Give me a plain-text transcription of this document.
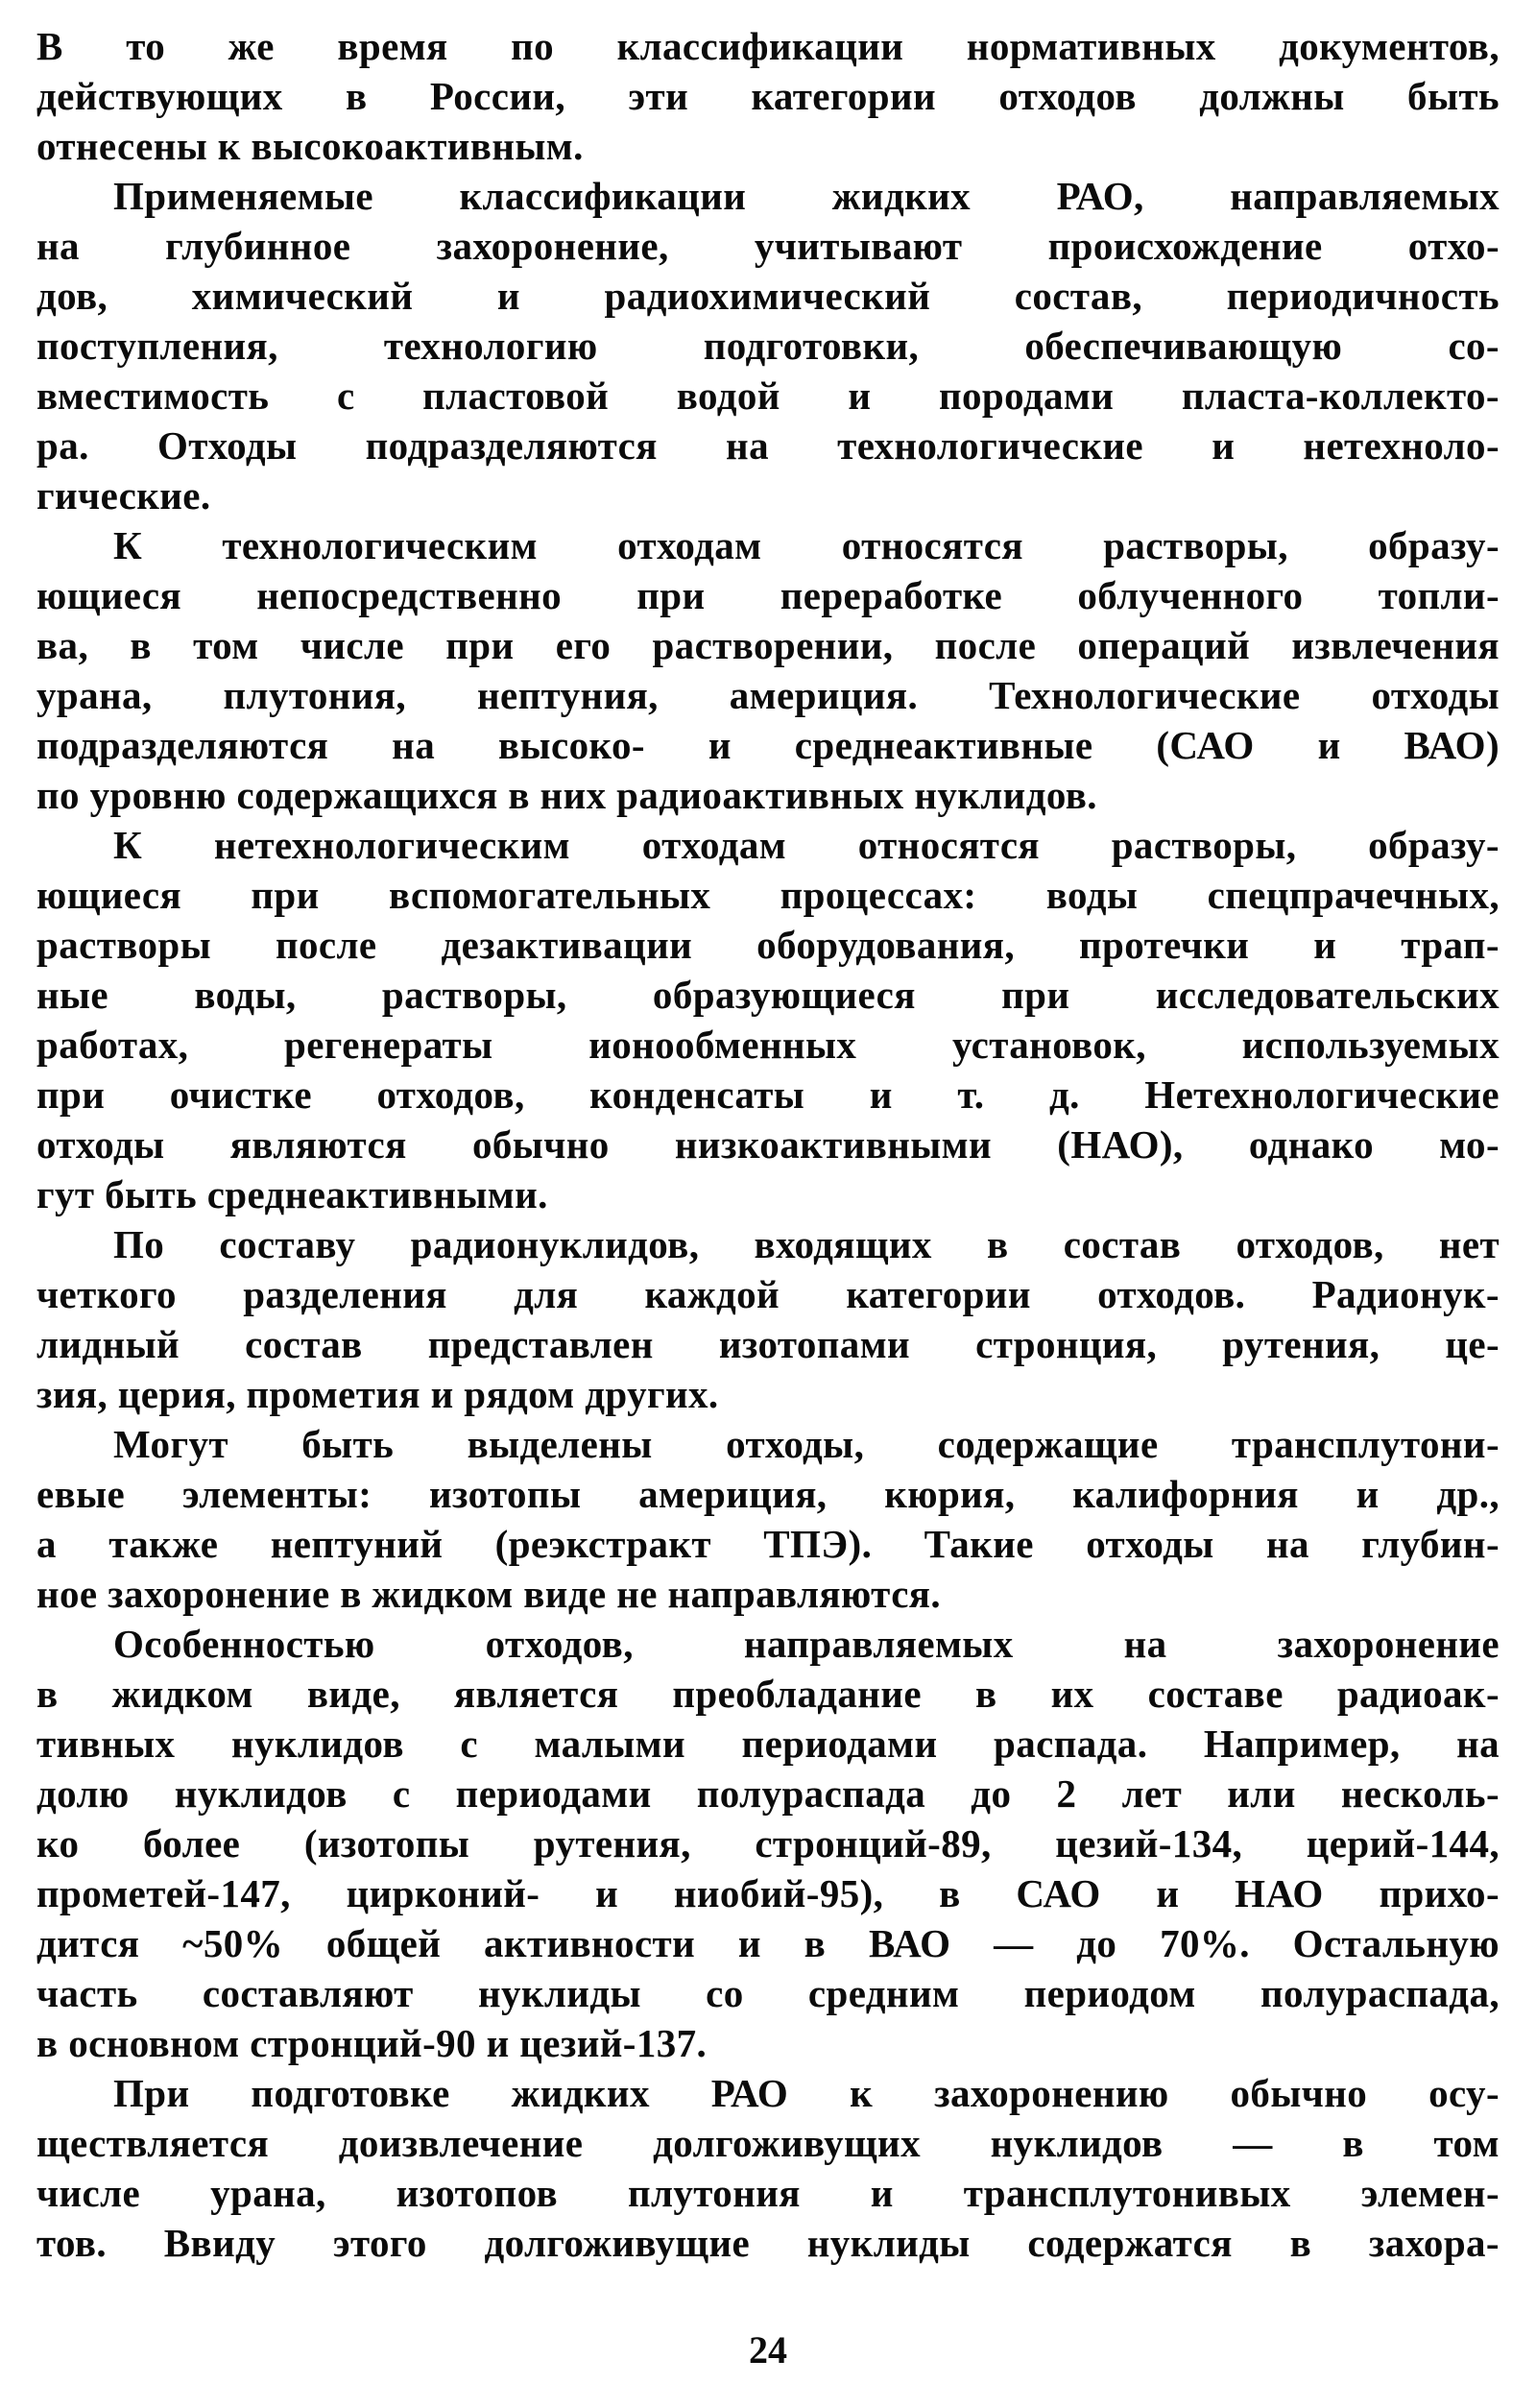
В то же время по классификации нормативных документов,
действующих в России, эти категории отходов должны быть
отнесены к высокоактивным.
Применяемые классификации жидких РАО, направляемых
на глубинное захоронение, учитывают происхождение отхо-
дов, химический и радиохимический состав, периодичность
поступления, технологию подготовки, обеспечивающую со-
вместимость с пластовой водой и породами пласта-коллекто-
ра. Отходы подразделяются на технологические и нетехноло-
гические.
К технологическим отходам относятся растворы, образу-
ющиеся непосредственно при переработке облученного топли-
ва, в том числе при его растворении, после операций извлечения
урана, плутония, нептуния, америция. Технологические отходы
подразделяются на высоко- и среднеактивные (САО и ВАО)
по уровню содержащихся в них радиоактивных нуклидов.
К нетехнологическим отходам относятся растворы, образу-
ющиеся при вспомогательных процессах: воды спецпрачечных,
растворы после дезактивации оборудования, протечки и трап-
ные воды, растворы, образующиеся при исследовательских
работах, регенераты ионообменных установок, используемых
при очистке отходов, конденсаты и т. д. Нетехнологические
отходы являются обычно низкоактивными (НАО), однако мо-
гут быть среднеактивными.
По составу радионуклидов, входящих в состав отходов, нет
четкого разделения для каждой категории отходов. Радионук-
лидный состав представлен изотопами стронция, рутения, це-
зия, церия, прометия и рядом других.
Могут быть выделены отходы, содержащие трансплутони-
евые элементы: изотопы америция, кюрия, калифорния и др.,
а также нептуний (реэкстракт ТПЭ). Такие отходы на глубин-
ное захоронение в жидком виде не направляются.
Особенностью отходов, направляемых на захоронение
в жидком виде, является преобладание в их составе радиоак-
тивных нуклидов с малыми периодами распада. Например, на
долю нуклидов с периодами полураспада до 2 лет или несколь-
ко более (изотопы рутения, стронций-89, цезий-134, церий-144,
прометей-147, цирконий- и ниобий-95), в САО и НАО прихо-
дится ~50% общей активности и в ВАО — до 70%. Остальную
часть составляют нуклиды со средним периодом полураспада,
в основном стронций-90 и цезий-137.
При подготовке жидких РАО к захоронению обычно осу-
ществляется доизвлечение долгоживущих нуклидов — в том
числе урана, изотопов плутония и трансплутонивых элемен-
тов. Ввиду этого долгоживущие нуклиды содержатся в захора-
24
